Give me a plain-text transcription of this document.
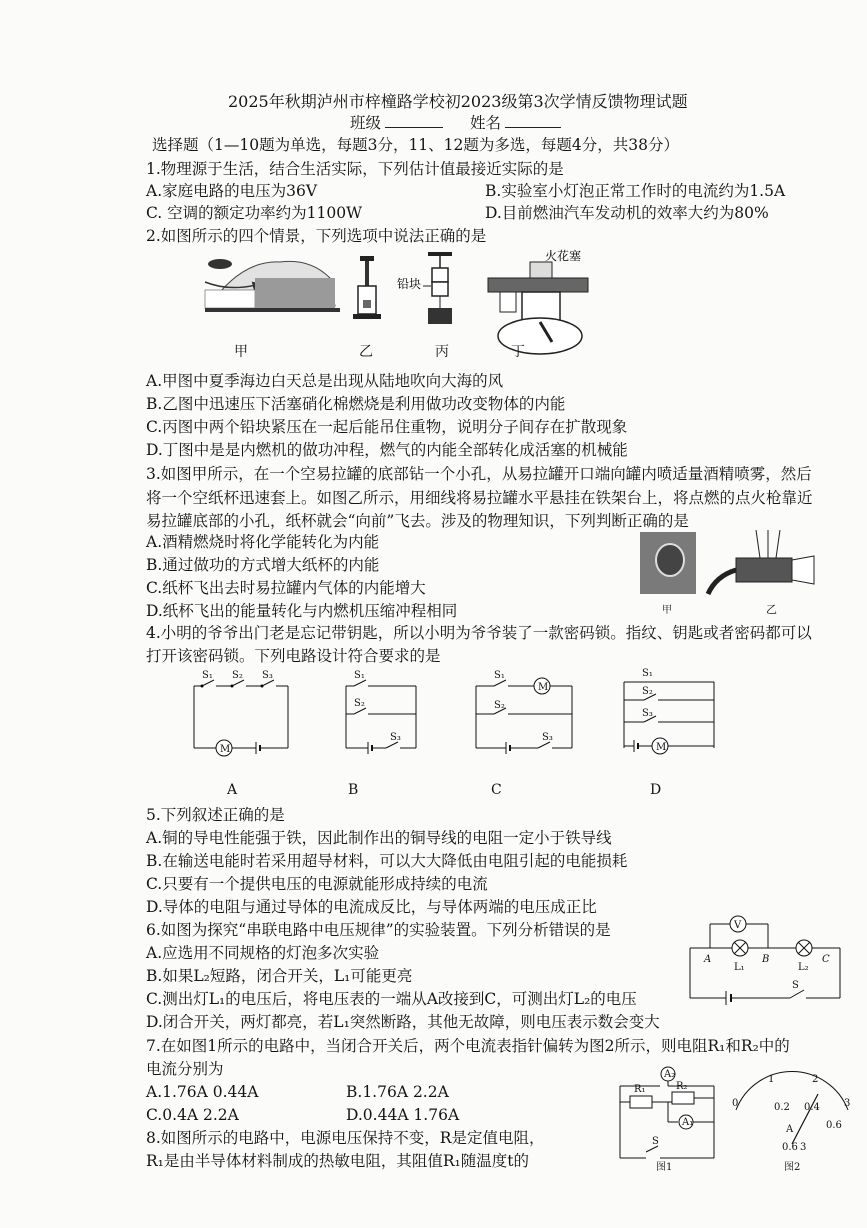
2025年秋期泸州市梓橦路学校初2023级第3次学情反馈物理试题
班级	姓名
选择题（1—10题为单选，每题3分，11、12题为多选，每题4分，共38分）
1.物理源于生活，结合生活实际，下列估计值最接近实际的是
A.家庭电路的电压为36V	B.实验室小灯泡正常工作时的电流约为1.5A
C. 空调的额定功率约为1100W	D.目前燃油汽车发动机的效率大约为80%
2.如图所示的四个情景，下列选项中说法正确的是
铅块
火花塞
甲	乙	丙	丁
A.甲图中夏季海边白天总是出现从陆地吹向大海的风
B.乙图中迅速压下活塞硝化棉燃烧是利用做功改变物体的内能
C.丙图中两个铅块紧压在一起后能吊住重物，说明分子间存在扩散现象
D.丁图中是是内燃机的做功冲程，燃气的内能全部转化成活塞的机械能
3.如图甲所示，在一个空易拉罐的底部钻一个小孔，从易拉罐开口端向罐内喷适量酒精喷雾，然后
将一个空纸杯迅速套上。如图乙所示，用细线将易拉罐水平悬挂在铁架台上，将点燃的点火枪靠近
易拉罐底部的小孔，纸杯就会“向前”飞去。涉及的物理知识，下列判断正确的是
A.酒精燃烧时将化学能转化为内能
B.通过做功的方式增大纸杯的内能
C.纸杯飞出去时易拉罐内气体的内能增大
D.纸杯飞出的能量转化与内燃机压缩冲程相同	甲	乙
4.小明的爷爷出门老是忘记带钥匙，所以小明为爷爷装了一款密码锁。指纹、钥匙或者密码都可以
打开该密码锁。下列电路设计符合要求的是
S₁ S₂ S₃
M
S₁
S₂
S₃
S₁
M
S₂
S₃
S₁
S₂
S₃
M
A	B	C	D
5.下列叙述正确的是
A.铜的导电性能强于铁，因此制作出的铜导线的电阻一定小于铁导线
B.在输送电能时若采用超导材料，可以大大降低由电阻引起的电能损耗
C.只要有一个提供电压的电源就能形成持续的电流
D.导体的电阻与通过导体的电流成反比，与导体两端的电压成正比
6.如图为探究“串联电路中电压规律”的实验装置。下列分析错误的是
A.应选用不同规格的灯泡多次实验
B.如果L₂短路，闭合开关，L₁可能更亮
C.测出灯L₁的电压后，将电压表的一端从A改接到C，可测出灯L₂的电压
D.闭合开关，两灯都亮，若L₁突然断路，其他无故障，则电压表示数会变大
V
A	B	C
L₁	L₂
S
7.在如图1所示的电路中，当闭合开关后，两个电流表指针偏转为图2所示，则电阻R₁和R₂中的
电流分别为
A.1.76A 0.44A	B.1.76A 2.2A
C.0.4A 2.2A	D.0.44A 1.76A
A₂
A₁
R₁	R₂
S
图1
1	2
0	0.2 0.4
0.6
3
A
0.6 3
图2
8.如图所示的电路中，电源电压保持不变，R是定值电阻，
R₁是由半导体材料制成的热敏电阻，其阻值R₁随温度t的
